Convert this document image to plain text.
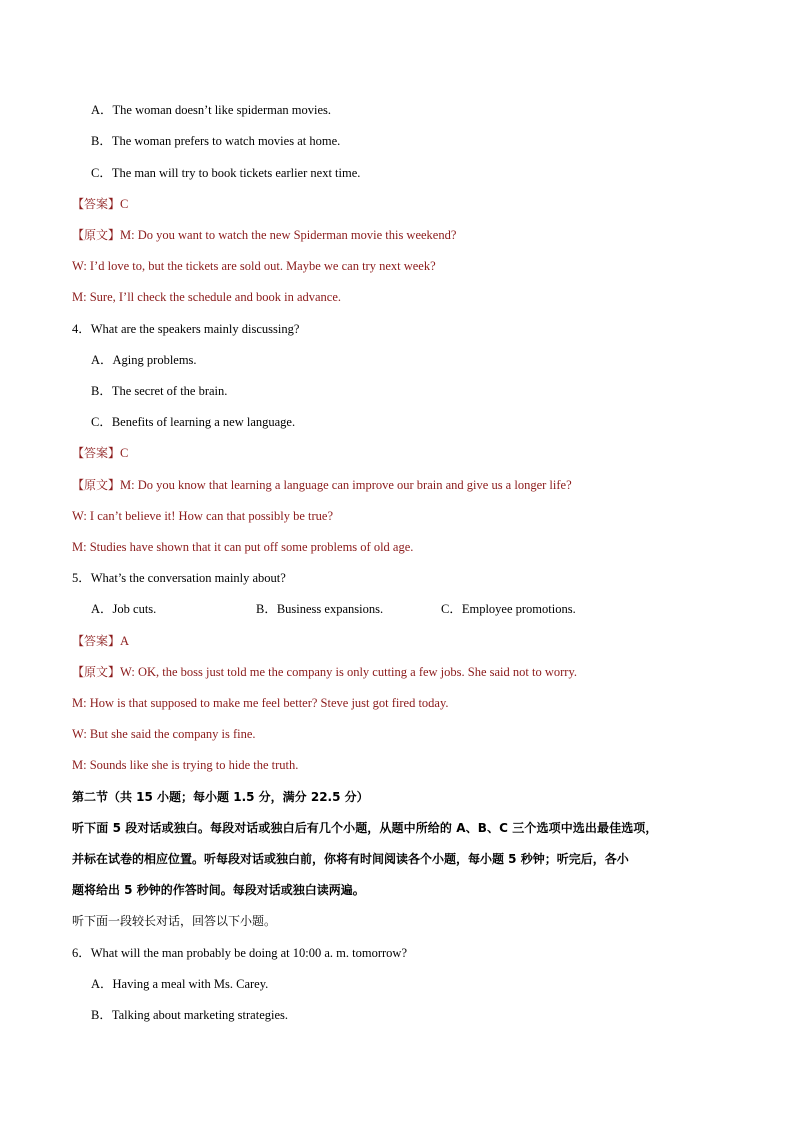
A．The woman doesn’t like spiderman movies.
B．The woman prefers to watch movies at home.
C．The man will try to book tickets earlier next time.
【答案】C
【原文】M: Do you want to watch the new Spiderman movie this weekend?
W: I’d love to, but the tickets are sold out. Maybe we can try next week?
M: Sure, I’ll check the schedule and book in advance.
4．What are the speakers mainly discussing?
A．Aging problems.
B．The secret of the brain.
C．Benefits of learning a new language.
【答案】C
【原文】M: Do you know that learning a language can improve our brain and give us a longer life?
W: I can’t believe it! How can that possibly be true?
M: Studies have shown that it can put off some problems of old age.
5．What’s the conversation mainly about?
A．Job cuts.	B．Business expansions.	C．Employee promotions.
【答案】A
【原文】W: OK, the boss just told me the company is only cutting a few jobs. She said not to worry.
M: How is that supposed to make me feel better? Steve just got fired today.
W: But she said the company is fine.
M: Sounds like she is trying to hide the truth.
第二节（共 15 小题；每小题 1.5 分，满分 22.5 分）
听下面 5 段对话或独白。每段对话或独白后有几个小题，从题中所给的 A、B、C 三个选项中选出最佳选项，
并标在试卷的相应位置。听每段对话或独白前，你将有时间阅读各个小题，每小题 5 秒钟；听完后，各小
题将给出 5 秒钟的作答时间。每段对话或独白读两遍。
听下面一段较长对话，回答以下小题。
6．What will the man probably be doing at 10:00 a. m. tomorrow?
A．Having a meal with Ms. Carey.
B．Talking about marketing strategies.
